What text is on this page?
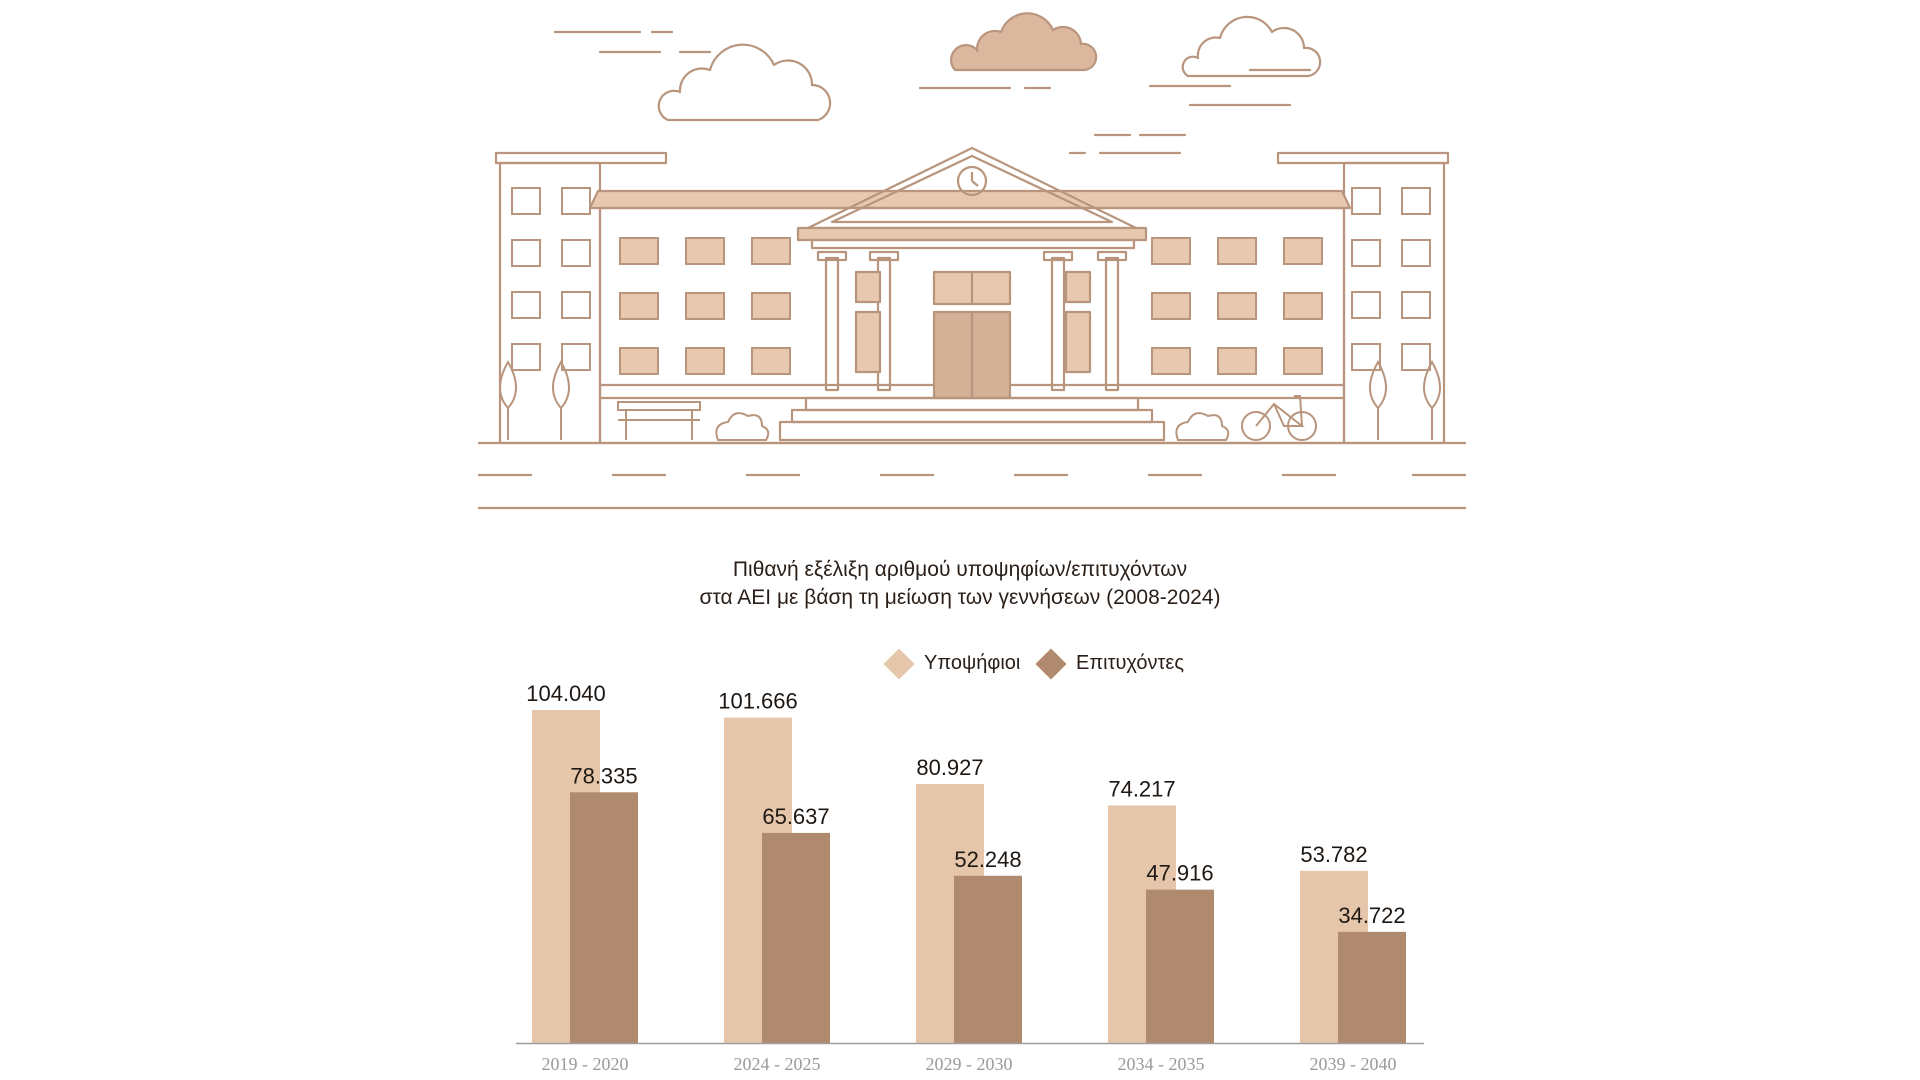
Πιθανή εξέλιξη αριθμού υποψηφίων/επιτυχόντων
στα ΑΕΙ με βάση τη μείωση των γεννήσεων (2008-2024)
Υποψήφιοι	Επιτυχόντες
104.040
78.335
2019 - 2020
101.666
65.637
2024 - 2025
80.927
52.248
2029 - 2030
74.217
47.916
2034 - 2035
53.782
34.722
2039 - 2040
